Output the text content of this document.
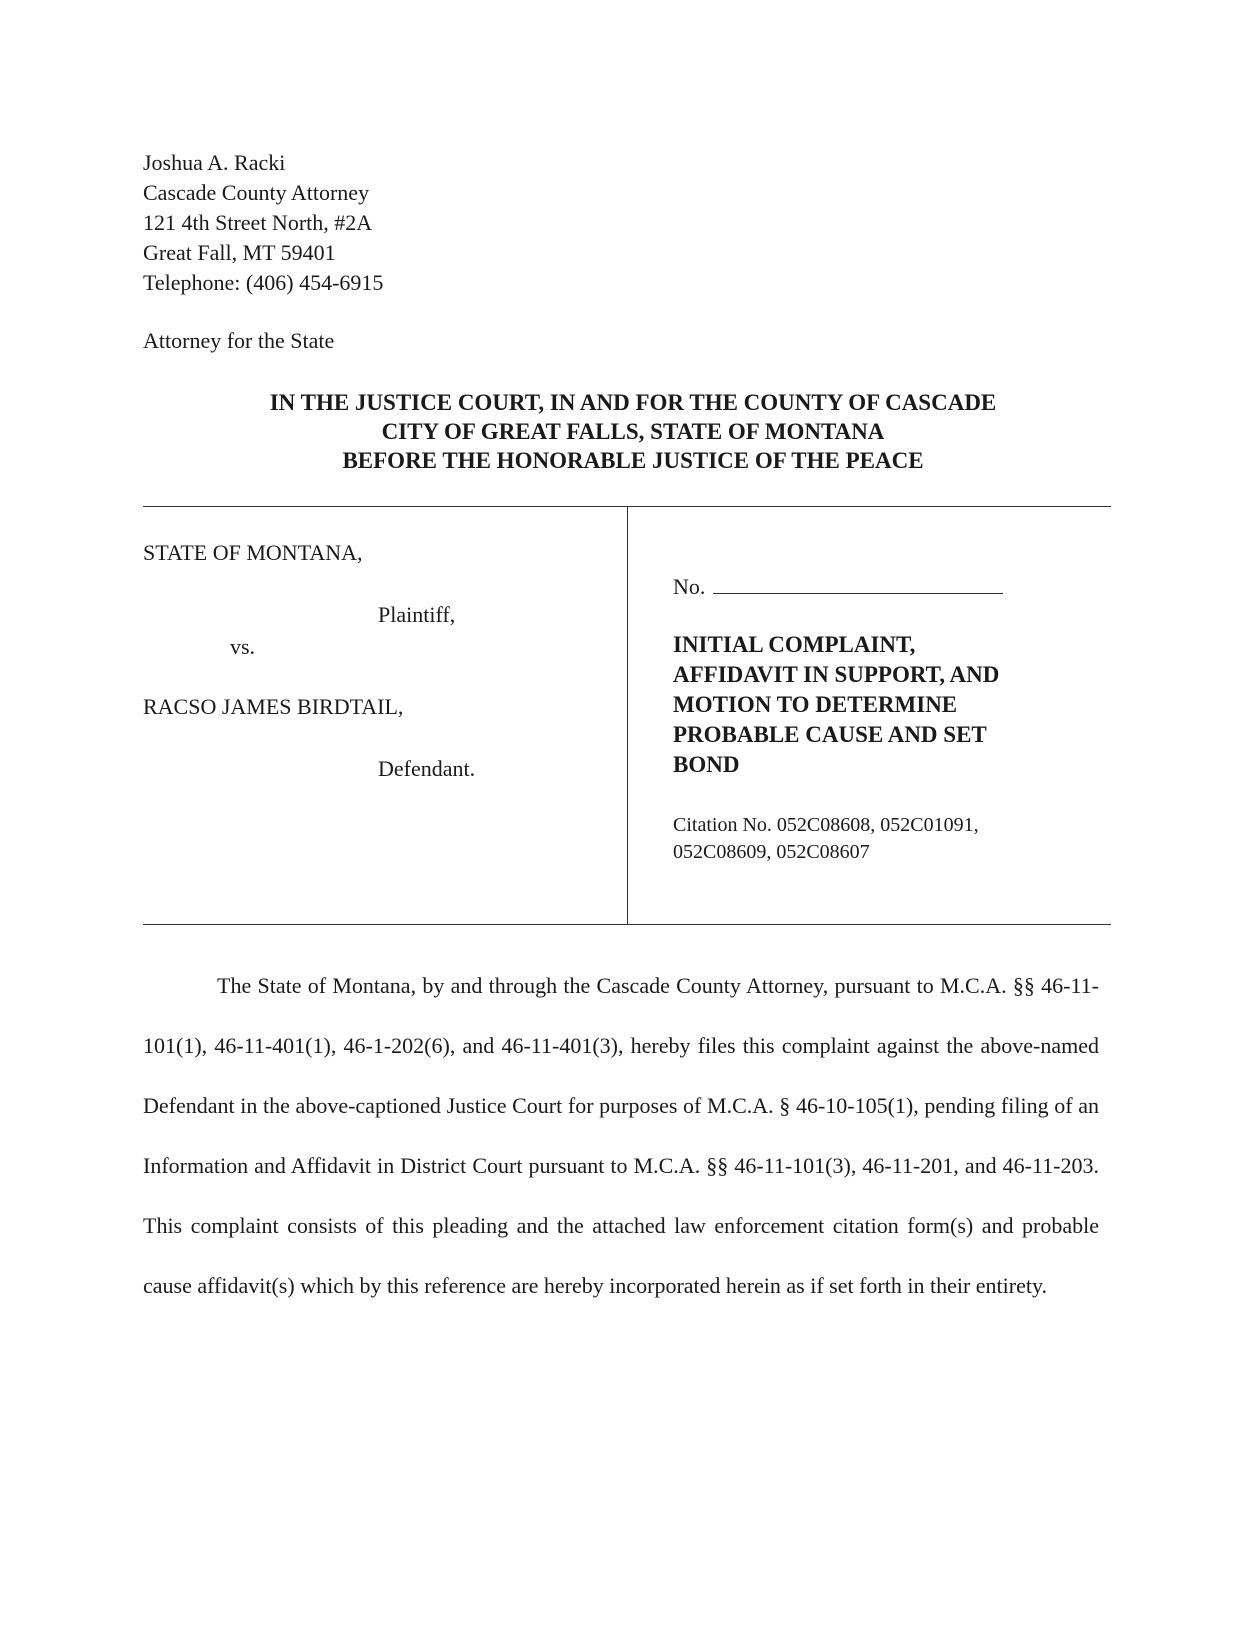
Joshua A. Racki
Cascade County Attorney
121 4th Street North, #2A
Great Fall, MT 59401
Telephone: (406) 454-6915
Attorney for the State
IN THE JUSTICE COURT, IN AND FOR THE COUNTY OF CASCADE
CITY OF GREAT FALLS, STATE OF MONTANA
BEFORE THE HONORABLE JUSTICE OF THE PEACE
STATE OF MONTANA,
Plaintiff,
vs.
RACSO JAMES BIRDTAIL,
Defendant.
No.
INITIAL COMPLAINT,
AFFIDAVIT IN SUPPORT, AND
MOTION TO DETERMINE
PROBABLE CAUSE AND SET
BOND
Citation No. 052C08608, 052C01091,
052C08609, 052C08607
The State of Montana, by and through the Cascade County Attorney, pursuant to M.C.A. §§ 46-11-101(1), 46-11-401(1), 46-1-202(6), and 46-11-401(3), hereby files this complaint against the above-named Defendant in the above-captioned Justice Court for purposes of M.C.A. § 46-10-105(1), pending filing of an Information and Affidavit in District Court pursuant to M.C.A. §§ 46-11-101(3), 46-11-201, and 46-11-203. This complaint consists of this pleading and the attached law enforcement citation form(s) and probable cause affidavit(s) which by this reference are hereby incorporated herein as if set forth in their entirety.
